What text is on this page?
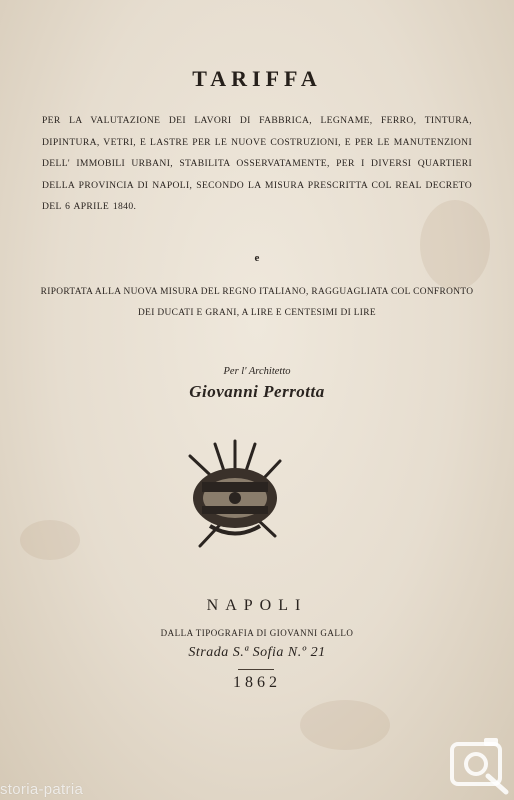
TARIFFA
PER LA VALUTAZIONE DEI LAVORI DI FABBRICA, LEGNAME, FERRO, TINTURA, DIPINTURA, VETRI, E LASTRE PER LE NUOVE COSTRUZIONI, E PER LE MANUTENZIONI DELL' IMMOBILI URBANI, STABILITA OSSERVATAMENTE, PER I DIVERSI QUARTIERI DELLA PROVINCIA DI NAPOLI, SECONDO LA MISURA PRESCRITTA COL REAL DECRETO DEL 6 APRILE 1840.
e
RIPORTATA ALLA NUOVA MISURA DEL REGNO ITALIANO, RAGGUAGLIATA COL CONFRONTO DEI DUCATI E GRANI, A LIRE E CENTESIMI DI LIRE
Per l' Architetto
Giovanni Perrotta
NAPOLI
DALLA TIPOGRAFIA DI GIOVANNI GALLO
Strada S.ª Sofia N.º 21
1862
storia-patria
